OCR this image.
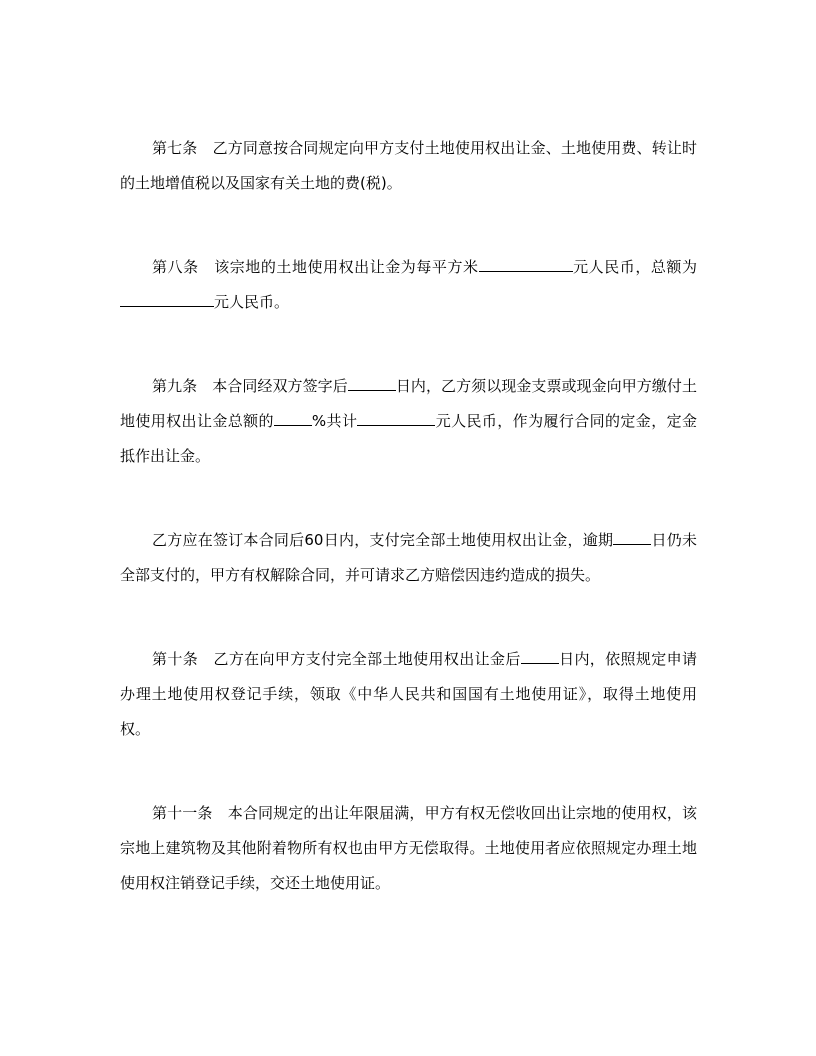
第七条　乙方同意按合同规定向甲方支付土地使用权出让金、土地使用费、转让时的土地增值税以及国家有关土地的费(税)。

第八条　该宗地的土地使用权出让金为每平方米	元人民币，总额为元人民币。

第九条　本合同经双方签字后	日内，乙方须以现金支票或现金向甲方缴付土地使用权出让金总额的	%共计	元人民币，作为履行合同的定金，定金抵作出让金。

乙方应在签订本合同后60日内，支付完全部土地使用权出让金，逾期	日仍未全部支付的，甲方有权解除合同，并可请求乙方赔偿因违约造成的损失。

第十条　乙方在向甲方支付完全部土地使用权出让金后	日内，依照规定申请办理土地使用权登记手续，领取《中华人民共和国国有土地使用证》，取得土地使用权。

第十一条　本合同规定的出让年限届满，甲方有权无偿收回出让宗地的使用权，该宗地上建筑物及其他附着物所有权也由甲方无偿取得。土地使用者应依照规定办理土地使用权注销登记手续，交还土地使用证。
